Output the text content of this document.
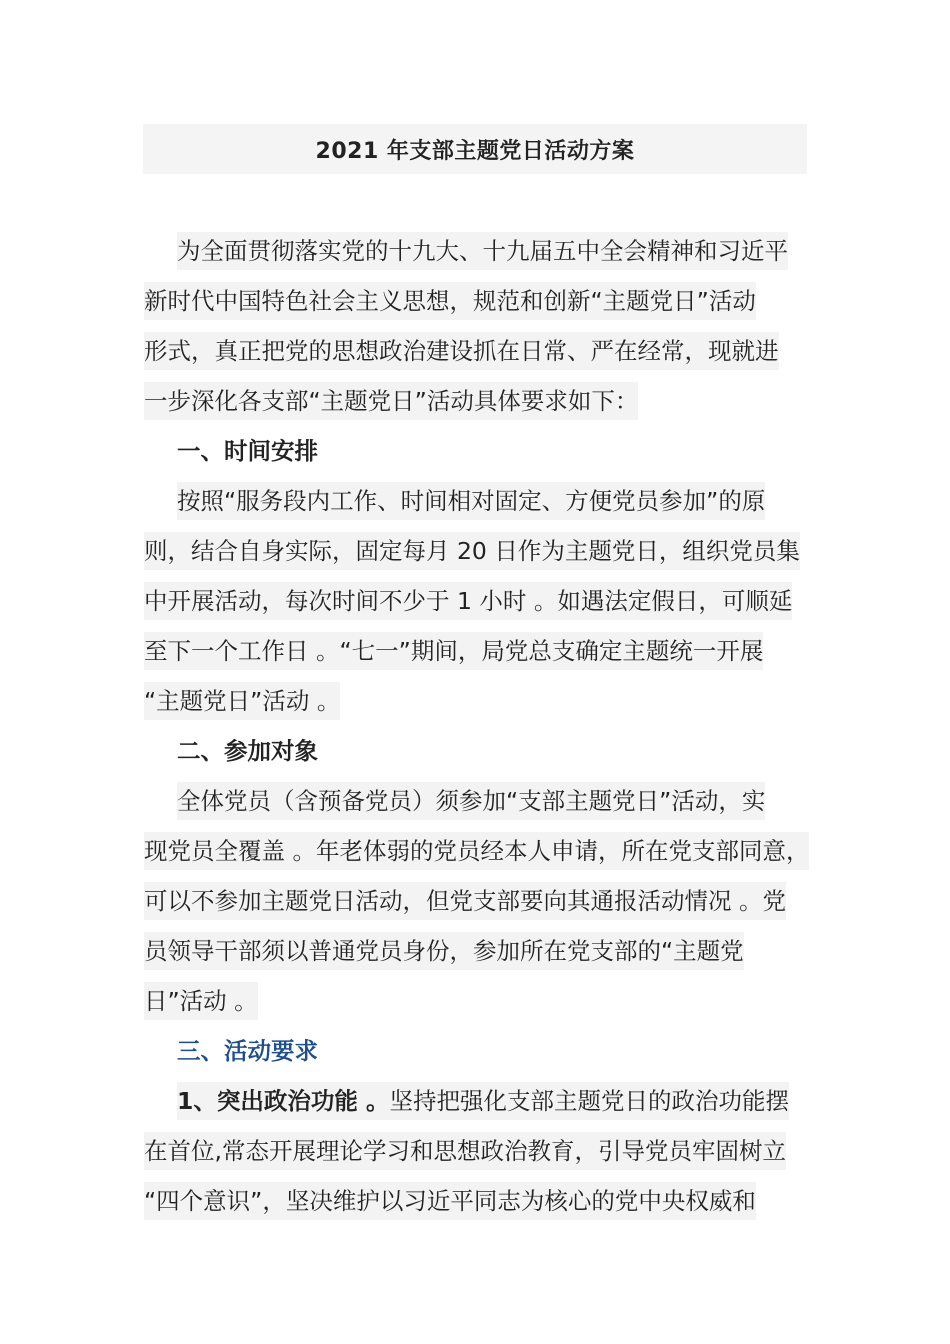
2021 年支部主题党日活动方案
为全面贯彻落实党的十九大、十九届五中全会精神和习近平
新时代中国特色社会主义思想，规范和创新“主题党日”活动
形式，真正把党的思想政治建设抓在日常、严在经常，现就进
一步深化各支部“主题党日”活动具体要求如下：
一、时间安排
按照“服务段内工作、时间相对固定、方便党员参加”的原
则，结合自身实际，固定每月 20 日作为主题党日，组织党员集
中开展活动，每次时间不少于 1 小时 。如遇法定假日，可顺延
至下一个工作日 。“七一”期间，局党总支确定主题统一开展
“主题党日”活动 。
二、参加对象
全体党员（含预备党员）须参加“支部主题党日”活动，实
现党员全覆盖 。年老体弱的党员经本人申请，所在党支部同意，
可以不参加主题党日活动，但党支部要向其通报活动情况 。党
员领导干部须以普通党员身份，参加所在党支部的“主题党
日”活动 。
三、活动要求
1、突出政治功能 。坚持把强化支部主题党日的政治功能摆
在首位,常态开展理论学习和思想政治教育，引导党员牢固树立
“四个意识”，坚决维护以习近平同志为核心的党中央权威和
